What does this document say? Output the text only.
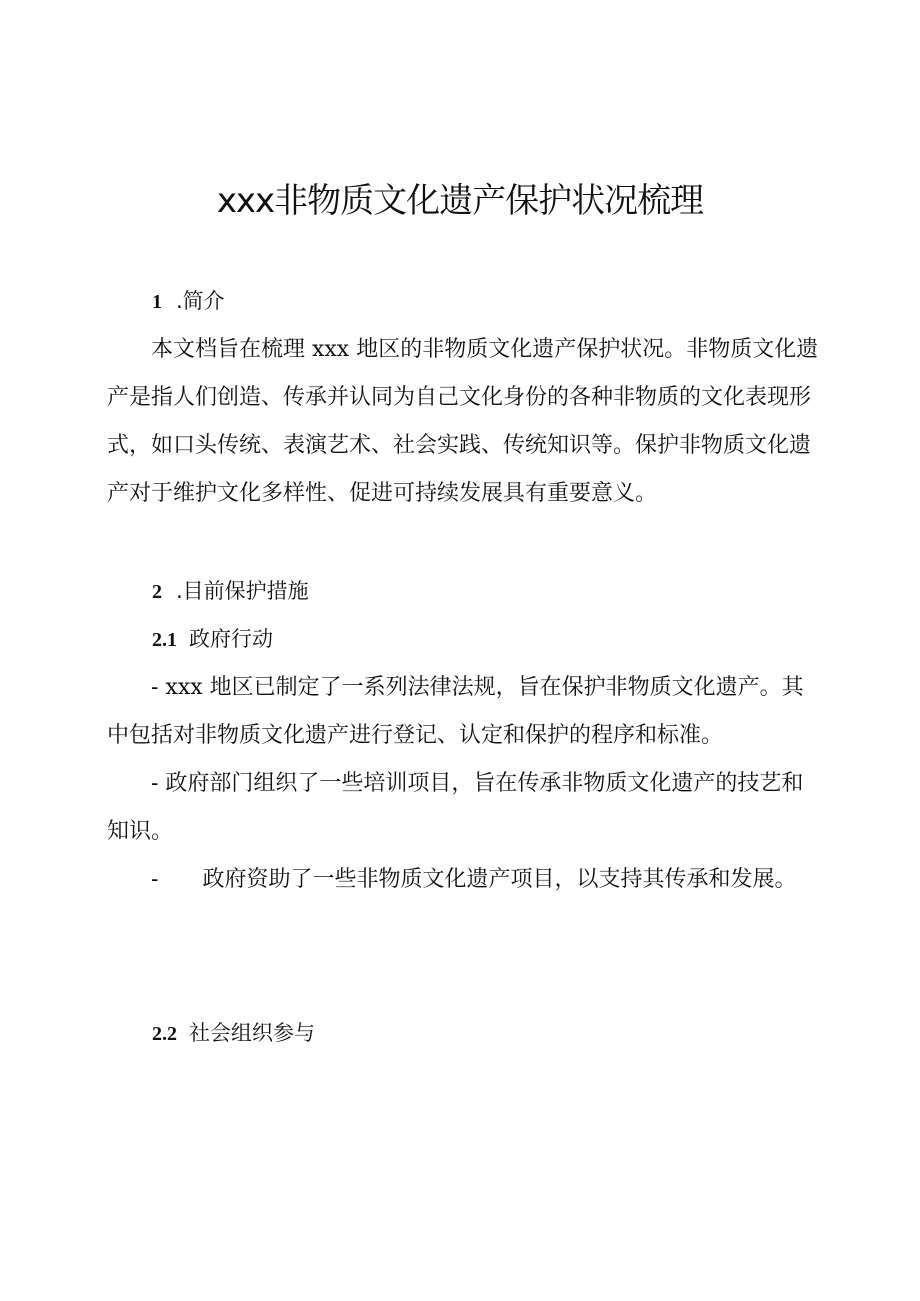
xxx非物质文化遗产保护状况梳理
1 .简介
本文档旨在梳理 xxx 地区的非物质文化遗产保护状况。非物质文化遗产是指人们创造、传承并认同为自己文化身份的各种非物质的文化表现形式，如口头传统、表演艺术、社会实践、传统知识等。保护非物质文化遗产对于维护文化多样性、促进可持续发展具有重要意义。
2 .目前保护措施
2.1 政府行动
- xxx 地区已制定了一系列法律法规，旨在保护非物质文化遗产。其中包括对非物质文化遗产进行登记、认定和保护的程序和标准。
- 政府部门组织了一些培训项目，旨在传承非物质文化遗产的技艺和知识。
- 政府资助了一些非物质文化遗产项目，以支持其传承和发展。
2.2 社会组织参与
